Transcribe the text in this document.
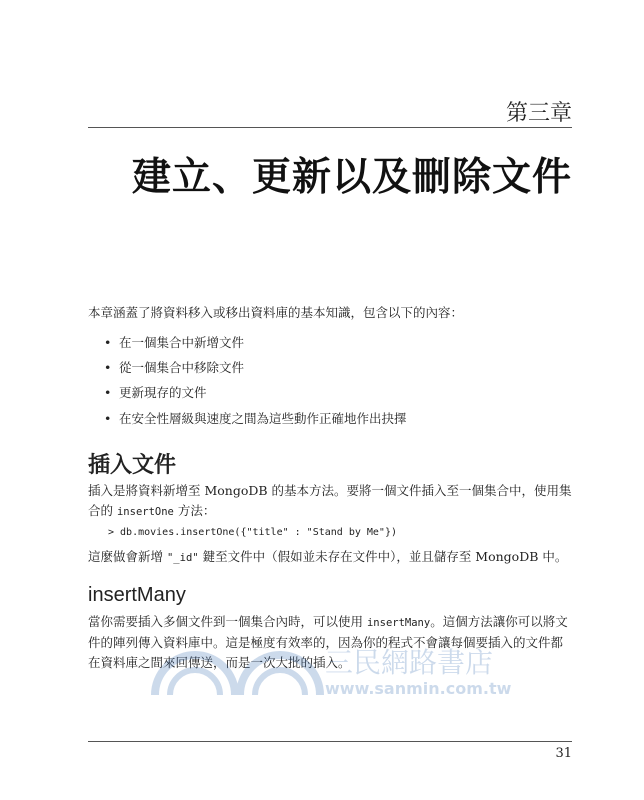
第三章
建立、更新以及刪除文件
本章涵蓋了將資料移入或移出資料庫的基本知識，包含以下的內容：
• 在一個集合中新增文件
• 從一個集合中移除文件
• 更新現存的文件
• 在安全性層級與速度之間為這些動作正確地作出抉擇
插入文件
插入是將資料新增至 MongoDB 的基本方法。要將一個文件插入至一個集合中，使用集合的 insertOne 方法：
> db.movies.insertOne({"title" : "Stand by Me"})
這麼做會新增 "_id" 鍵至文件中（假如並未存在文件中），並且儲存至 MongoDB 中。
insertMany
當你需要插入多個文件到一個集合內時，可以使用 insertMany。這個方法讓你可以將文件的陣列傳入資料庫中。這是極度有效率的，因為你的程式不會讓每個要插入的文件都在資料庫之間來回傳送，而是一次大批的插入。
三民網路書店
www.sanmin.com.tw
31
